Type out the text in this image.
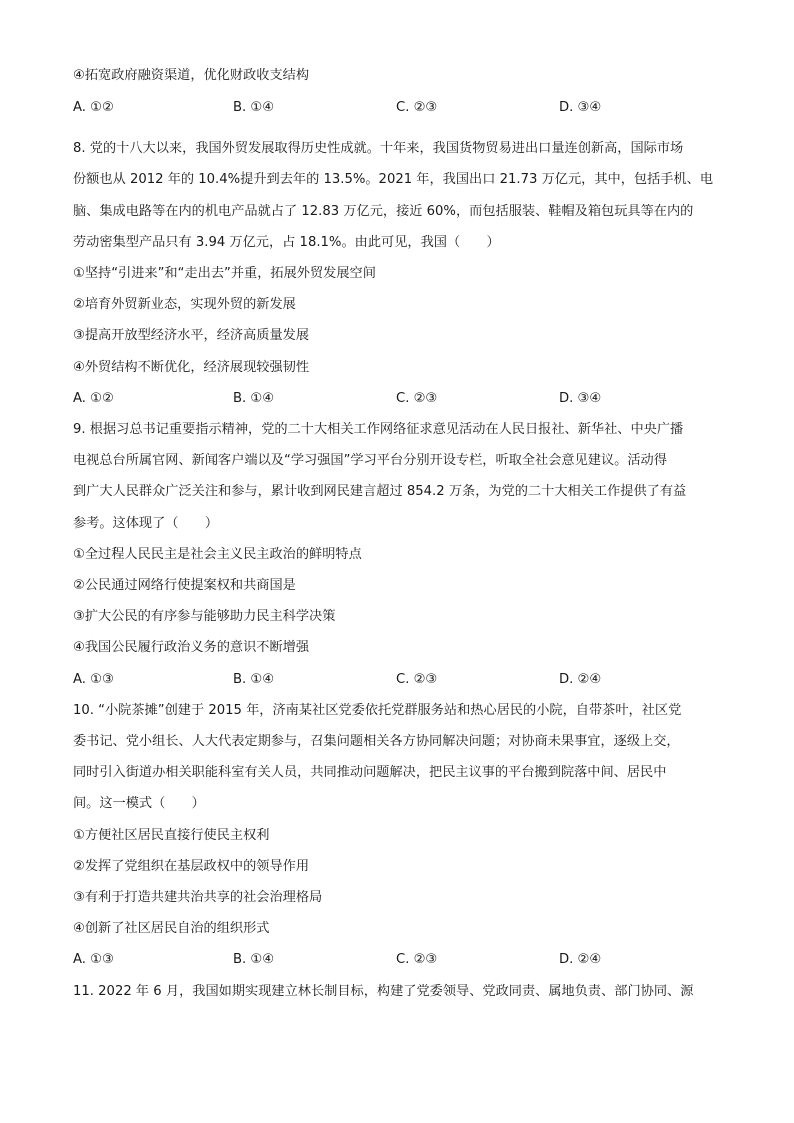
④拓宽政府融资渠道，优化财政收支结构
A. ①②	B. ①④	C. ②③	D. ③④
8. 党的十八大以来，我国外贸发展取得历史性成就。十年来，我国货物贸易进出口量连创新高，国际市场
份额也从 2012 年的 10.4%提升到去年的 13.5%。2021 年，我国出口 21.73 万亿元，其中，包括手机、电
脑、集成电路等在内的机电产品就占了 12.83 万亿元，接近 60%，而包括服装、鞋帽及箱包玩具等在内的
劳动密集型产品只有 3.94 万亿元，占 18.1%。由此可见，我国（　　）
①坚持“引进来”和“走出去”并重，拓展外贸发展空间
②培育外贸新业态，实现外贸的新发展
③提高开放型经济水平，经济高质量发展
④外贸结构不断优化，经济展现较强韧性
A. ①②	B. ①④	C. ②③	D. ③④
9. 根据习总书记重要指示精神，党的二十大相关工作网络征求意见活动在人民日报社、新华社、中央广播
电视总台所属官网、新闻客户端以及“学习强国”学习平台分别开设专栏，听取全社会意见建议。活动得
到广大人民群众广泛关注和参与，累计收到网民建言超过 854.2 万条，为党的二十大相关工作提供了有益
参考。这体现了（　　）
①全过程人民民主是社会主义民主政治的鲜明特点
②公民通过网络行使提案权和共商国是
③扩大公民的有序参与能够助力民主科学决策
④我国公民履行政治义务的意识不断增强
A. ①③	B. ①④	C. ②③	D. ②④
10. “小院茶摊”创建于 2015 年，济南某社区党委依托党群服务站和热心居民的小院，自带茶叶，社区党
委书记、党小组长、人大代表定期参与，召集问题相关各方协同解决问题；对协商未果事宜，逐级上交，
同时引入街道办相关职能科室有关人员，共同推动问题解决，把民主议事的平台搬到院落中间、居民中
间。这一模式（　　）
①方便社区居民直接行使民主权利
②发挥了党组织在基层政权中的领导作用
③有利于打造共建共治共享的社会治理格局
④创新了社区居民自治的组织形式
A. ①③	B. ①④	C. ②③	D. ②④
11. 2022 年 6 月，我国如期实现建立林长制目标，构建了党委领导、党政同责、属地负责、部门协同、源
